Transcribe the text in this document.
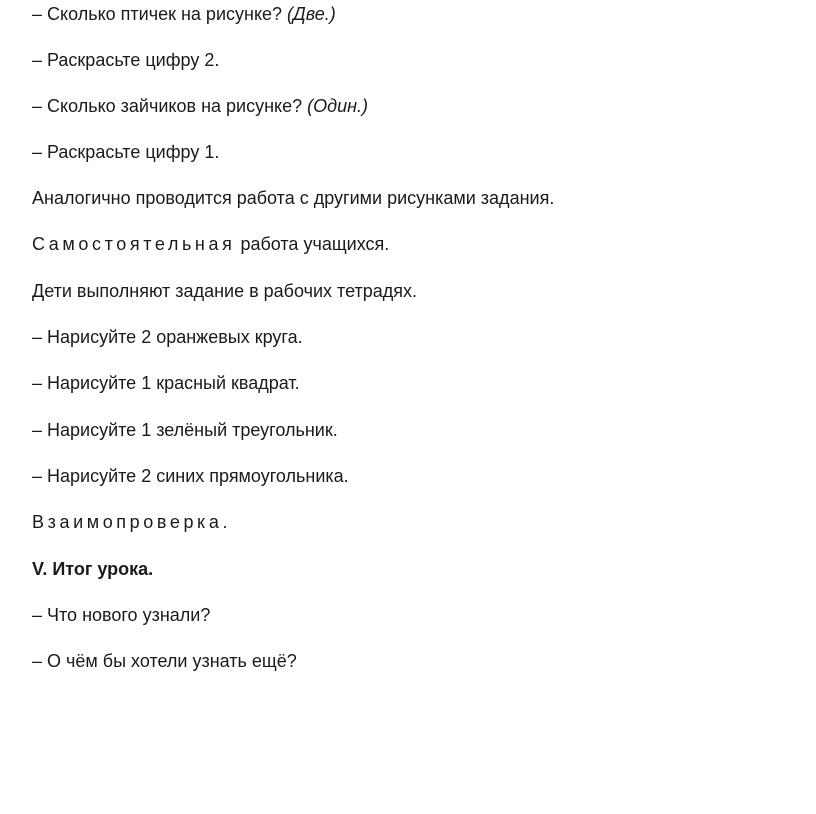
– Сколько птичек на рисунке? (Две.)
– Раскрасьте цифру 2.
– Сколько зайчиков на рисунке? (Один.)
– Раскрасьте цифру 1.
Аналогично проводится работа с другими рисунками задания.
Самостоятельная работа учащихся.
Дети выполняют задание в рабочих тетрадях.
– Нарисуйте 2 оранжевых круга.
– Нарисуйте 1 красный квадрат.
– Нарисуйте 1 зелёный треугольник.
– Нарисуйте 2 синих прямоугольника.
Взаимопроверка.
V. Итог урока.
– Что нового узнали?
– О чём бы хотели узнать ещё?
